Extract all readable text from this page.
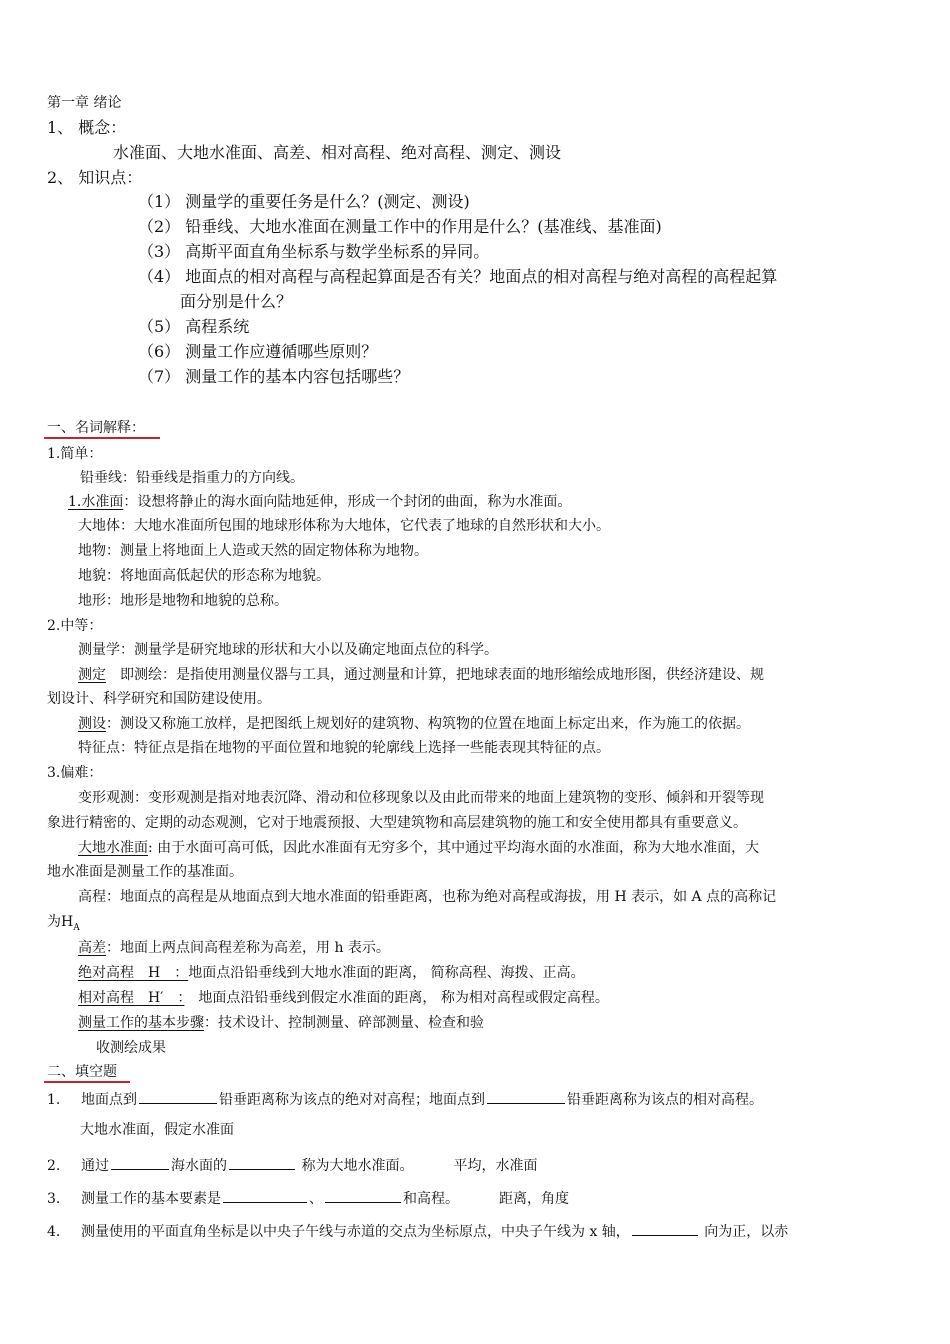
第一章 绪论
1、 概念：
水准面、大地水准面、高差、相对高程、绝对高程、测定、测设
2、 知识点：
（1） 测量学的重要任务是什么？(测定、测设)
（2） 铅垂线、大地水准面在测量工作中的作用是什么？(基准线、基准面)
（3） 高斯平面直角坐标系与数学坐标系的异同。
（4） 地面点的相对高程与高程起算面是否有关？地面点的相对高程与绝对高程的高程起算
面分别是什么？
（5） 高程系统
（6） 测量工作应遵循哪些原则？
（7） 测量工作的基本内容包括哪些？
一、名词解释：
1.简单：
铅垂线：铅垂线是指重力的方向线。
1.水准面：设想将静止的海水面向陆地延伸，形成一个封闭的曲面，称为水准面。
大地体：大地水准面所包围的地球形体称为大地体，它代表了地球的自然形状和大小。
地物：测量上将地面上人造或天然的固定物体称为地物。
地貌：将地面高低起伏的形态称为地貌。
地形：地形是地物和地貌的总称。
2.中等：
测量学：测量学是研究地球的形状和大小以及确定地面点位的科学。
测定　 即测绘：是指使用测量仪器与工具，通过测量和计算，把地球表面的地形缩绘成地形图，供经济建设、规
划设计、科学研究和国防建设使用。
测设：测设又称施工放样，是把图纸上规划好的建筑物、构筑物的位置在地面上标定出来，作为施工的依据。
特征点：特征点是指在地物的平面位置和地貌的轮廓线上选择一些能表现其特征的点。
3.偏难：
变形观测：变形观测是指对地表沉降、滑动和位移现象以及由此而带来的地面上建筑物的变形、倾斜和开裂等现
象进行精密的、定期的动态观测，它对于地震预报、大型建筑物和高层建筑物的施工和安全使用都具有重要意义。
大地水准面: 由于水面可高可低，因此水准面有无穷多个，其中通过平均海水面的水准面，称为大地水准面，大
地水准面是测量工作的基准面。
高程：地面点的高程是从地面点到大地水准面的铅垂距离，也称为绝对高程或海拔，用 H 表示，如 A 点的高称记
为$H_A$
高差：地面上两点间高程差称为高差，用 h 表示。
绝对高程　H　：地面点沿铅垂线到大地水准面的距离， 简称高程、海拨、正高。
相对高程　H′　：　地面点沿铅垂线到假定水准面的距离， 称为相对高程或假定高程。
测量工作的基本步骤：技术设计、控制测量、碎部测量、检查和验
收测绘成果
二、填空题
1. 地面点到	铅垂距离称为该点的绝对对高程；地面点到	铅垂距离称为该点的相对高程。
大地水准面，假定水准面
2. 通过	海水面的	称为大地水准面。	平均，水准面
3. 测量工作的基本要素是	、	和高程。	距离，角度
4. 测量使用的平面直角坐标是以中央子午线与赤道的交点为坐标原点，中央子午线为 x 轴，	向为正，以赤
